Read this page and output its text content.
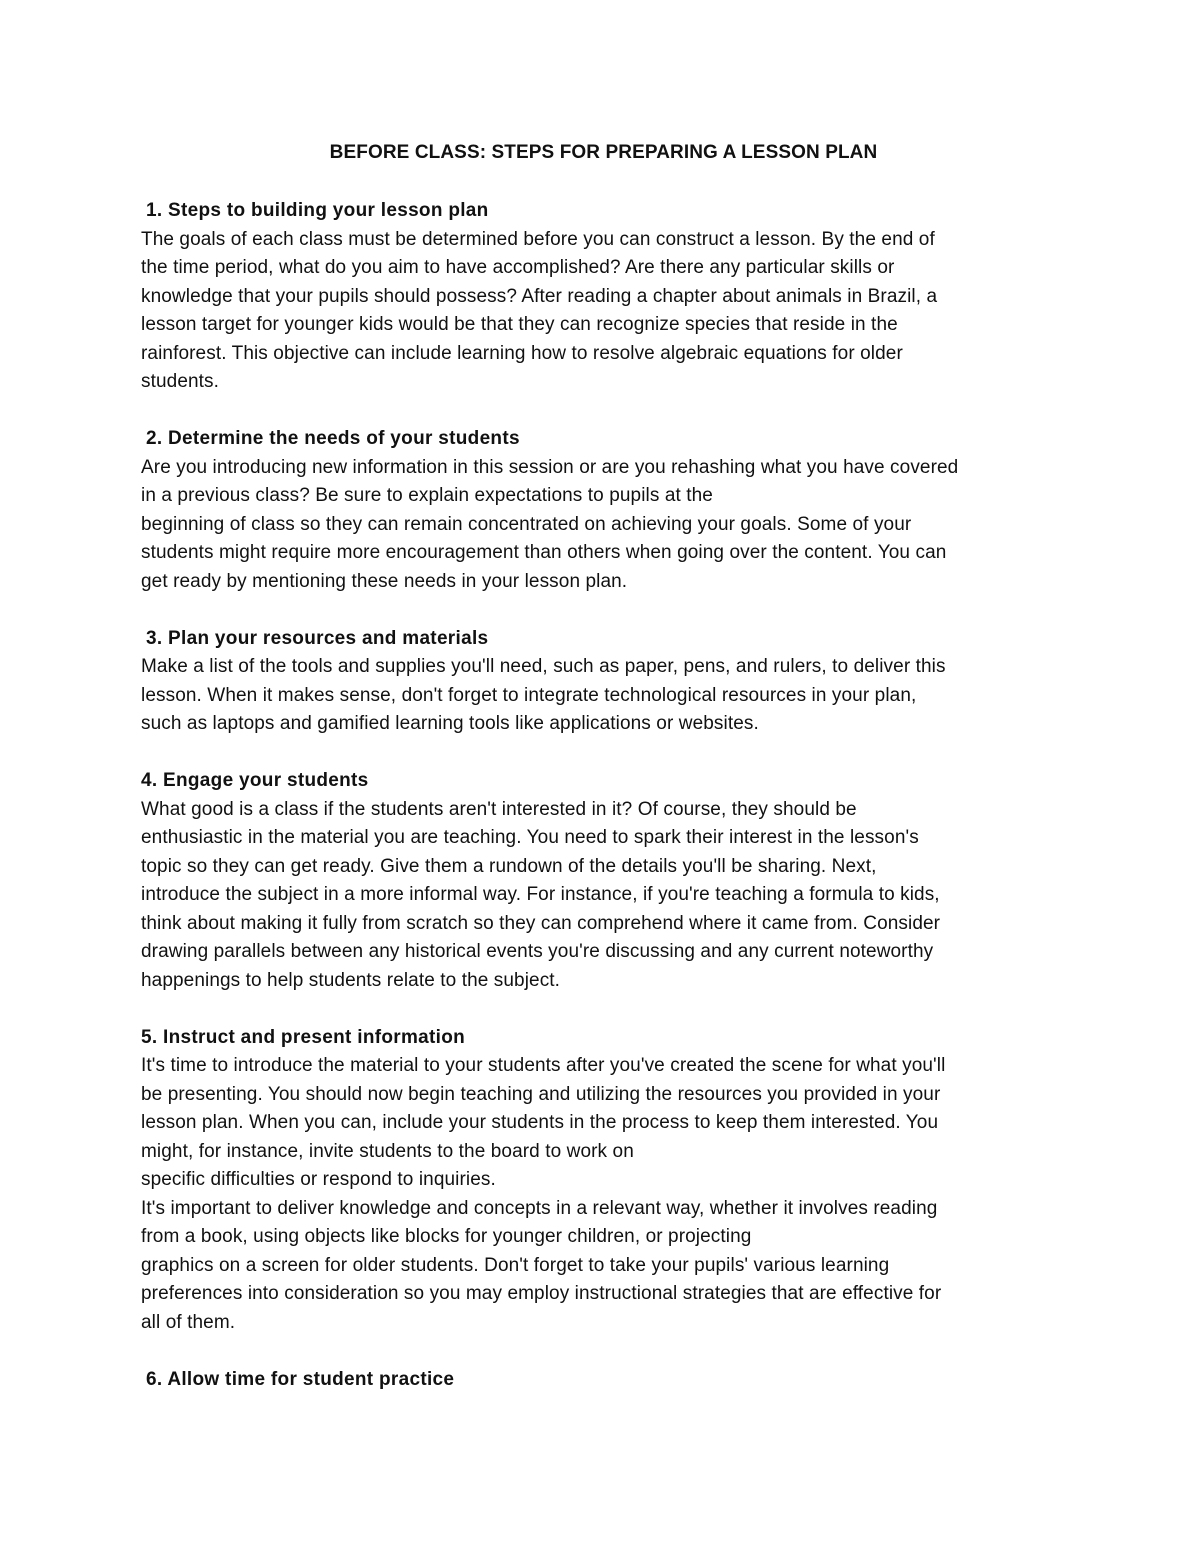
BEFORE CLASS: STEPS FOR PREPARING A LESSON PLAN
1. Steps to building your lesson plan
The goals of each class must be determined before you can construct a lesson. By the end of
the time period, what do you aim to have accomplished? Are there any particular skills or
knowledge that your pupils should possess? After reading a chapter about animals in Brazil, a
lesson target for younger kids would be that they can recognize species that reside in the
rainforest. This objective can include learning how to resolve algebraic equations for older
students.
2. Determine the needs of your students
Are you introducing new information in this session or are you rehashing what you have covered
in a previous class? Be sure to explain expectations to pupils at the
beginning of class so they can remain concentrated on achieving your goals. Some of your
students might require more encouragement than others when going over the content. You can
get ready by mentioning these needs in your lesson plan.
3. Plan your resources and materials
Make a list of the tools and supplies you'll need, such as paper, pens, and rulers, to deliver this
lesson. When it makes sense, don't forget to integrate technological resources in your plan,
such as laptops and gamified learning tools like applications or websites.
4. Engage your students
What good is a class if the students aren't interested in it? Of course, they should be
enthusiastic in the material you are teaching. You need to spark their interest in the lesson's
topic so they can get ready. Give them a rundown of the details you'll be sharing. Next,
introduce the subject in a more informal way. For instance, if you're teaching a formula to kids,
think about making it fully from scratch so they can comprehend where it came from. Consider
drawing parallels between any historical events you're discussing and any current noteworthy
happenings to help students relate to the subject.
5. Instruct and present information
It's time to introduce the material to your students after you've created the scene for what you'll
be presenting. You should now begin teaching and utilizing the resources you provided in your
lesson plan. When you can, include your students in the process to keep them interested. You
might, for instance, invite students to the board to work on
specific difficulties or respond to inquiries.
It's important to deliver knowledge and concepts in a relevant way, whether it involves reading
from a book, using objects like blocks for younger children, or projecting
graphics on a screen for older students. Don't forget to take your pupils' various learning
preferences into consideration so you may employ instructional strategies that are effective for
all of them.
6. Allow time for student practice
